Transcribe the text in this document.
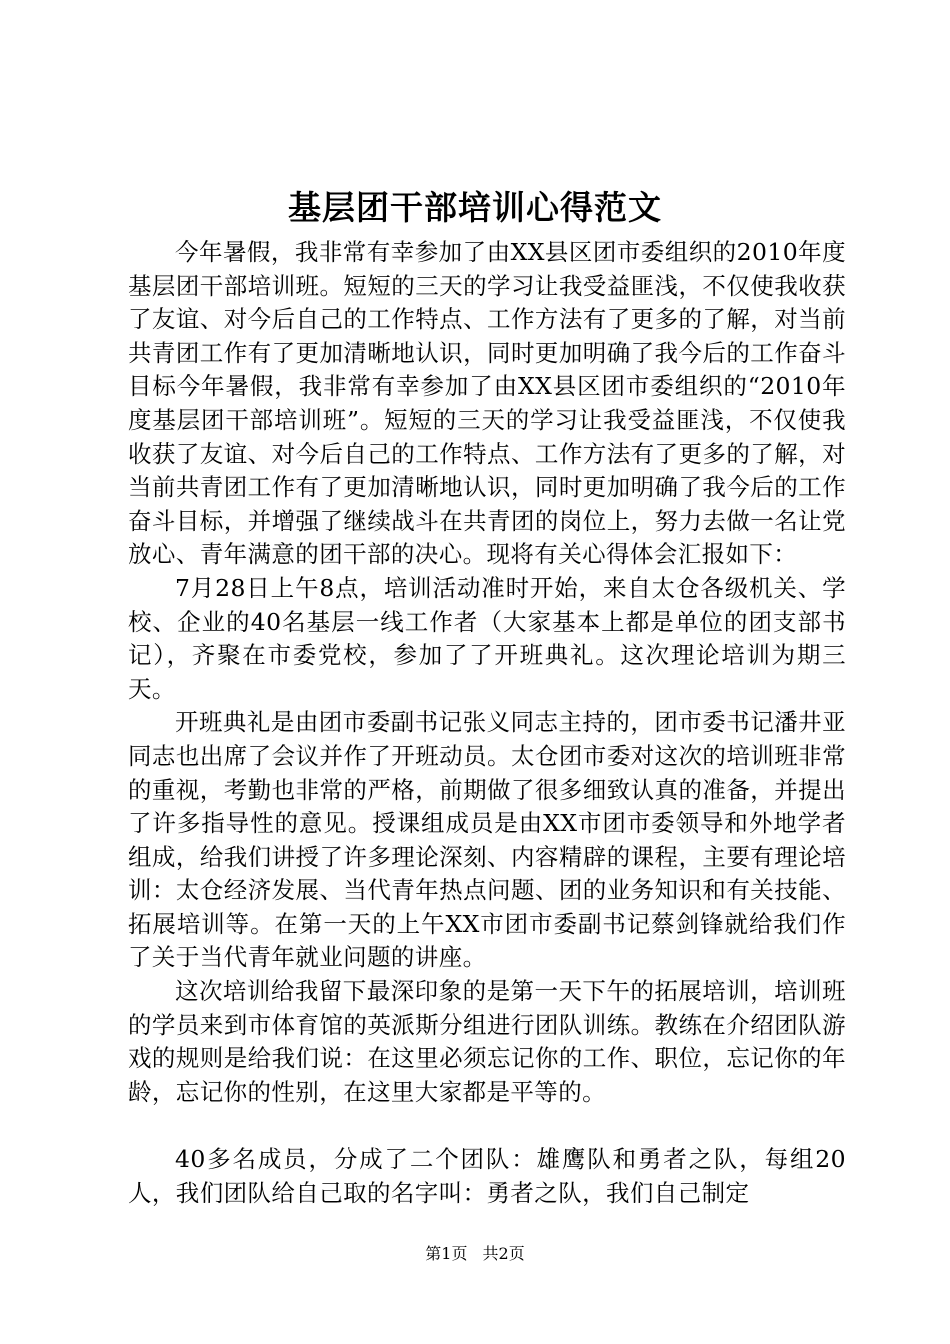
基层团干部培训心得范文

今年暑假，我非常有幸参加了由XX县区团市委组织的2010年度基层团干部培训班。短短的三天的学习让我受益匪浅，不仅使我收获了友谊、对今后自己的工作特点、工作方法有了更多的了解，对当前共青团工作有了更加清晰地认识，同时更加明确了我今后的工作奋斗目标今年暑假，我非常有幸参加了由XX县区团市委组织的“2010年度基层团干部培训班”。短短的三天的学习让我受益匪浅，不仅使我收获了友谊、对今后自己的工作特点、工作方法有了更多的了解，对当前共青团工作有了更加清晰地认识，同时更加明确了我今后的工作奋斗目标，并增强了继续战斗在共青团的岗位上，努力去做一名让党放心、青年满意的团干部的决心。现将有关心得体会汇报如下：

7月28日上午8点，培训活动准时开始，来自太仓各级机关、学校、企业的40名基层一线工作者（大家基本上都是单位的团支部书记），齐聚在市委党校，参加了了开班典礼。这次理论培训为期三天。

开班典礼是由团市委副书记张义同志主持的，团市委书记潘井亚同志也出席了会议并作了开班动员。太仓团市委对这次的培训班非常的重视，考勤也非常的严格，前期做了很多细致认真的准备，并提出了许多指导性的意见。授课组成员是由XX市团市委领导和外地学者组成，给我们讲授了许多理论深刻、内容精辟的课程，主要有理论培训：太仓经济发展、当代青年热点问题、团的业务知识和有关技能、拓展培训等。在第一天的上午XX市团市委副书记蔡剑锋就给我们作了关于当代青年就业问题的讲座。

这次培训给我留下最深印象的是第一天下午的拓展培训，培训班的学员来到市体育馆的英派斯分组进行团队训练。教练在介绍团队游戏的规则是给我们说：在这里必须忘记你的工作、职位，忘记你的年龄，忘记你的性别，在这里大家都是平等的。

40多名成员，分成了二个团队：雄鹰队和勇者之队，每组20人，我们团队给自己取的名字叫：勇者之队，我们自己制定

第1页 共2页
